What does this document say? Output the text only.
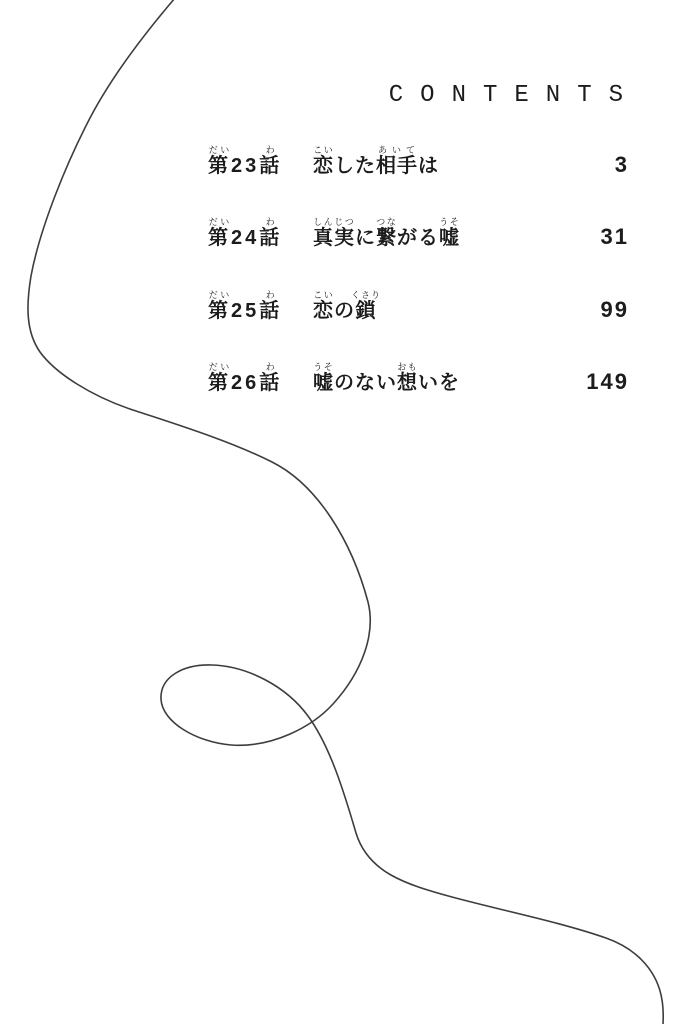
CONTENTS
第だい23話わ
恋こいした相手あいては	3
第だい24話わ
真実しんじつに繋つながる嘘うそ
31
第だい25話わ
恋こいの鎖くさり
99
第だい26話わ
嘘うそのない想おもいを	149
